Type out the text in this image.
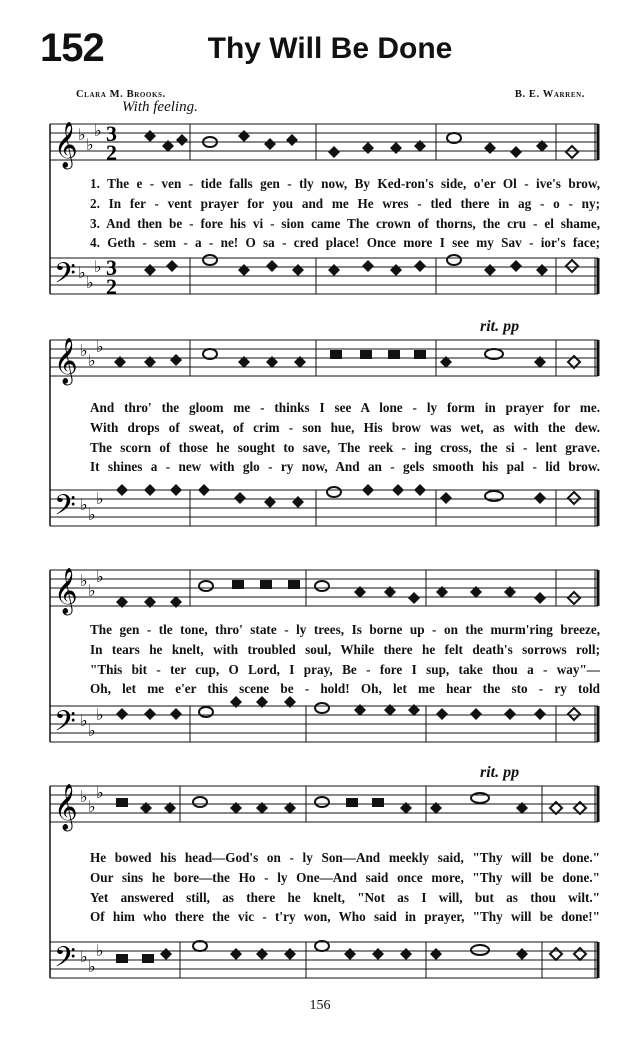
152	Thy Will Be Done
Clara M. Brooks.	B. E. Warren.
With feeling.
rit. pp
rit. pp
𝄞
𝄢
♭
♭
♭
♭
♭
♭
3
2
3
2
1. The e - ven - tide falls gen - tly now, By Ked-ron's side, o'er Ol - ive's brow,
2. In fer - vent prayer for you and me He wres - tled there in ag - o - ny;
3. And then be - fore his vi - sion came The crown of thorns, the cru - el shame,
4. Geth - sem - a - ne! O sa - cred place! Once more I see my Sav - ior's face;
𝄞
𝄢
♭
♭
♭
♭
♭
♭
And thro' the gloom me - thinks I see A lone - ly form in prayer for me.
With drops of sweat, of crim - son hue, His brow was wet, as with the dew.
The scorn of those he sought to save, The reek - ing cross, the si - lent grave.
It shines a - new with glo - ry now, And an - gels smooth his pal - lid brow.
𝄞
𝄢
♭
♭
♭
♭
♭
♭
The gen - tle tone, thro' state - ly trees, Is borne up - on the murm'ring breeze,
In tears he knelt, with troubled soul, While there he felt death's sorrows roll;
"This bit - ter cup, O Lord, I pray, Be - fore I sup, take thou a - way"—
Oh, let me e'er this scene be - hold! Oh, let me hear the sto - ry told
𝄞
𝄢
♭
♭
♭
♭
♭
♭
He bowed his head—God's on - ly Son—And meekly said, "Thy will be done."
Our sins he bore—the Ho - ly One—And said once more, "Thy will be done."
Yet answered still, as there he knelt, "Not as I will, but as thou wilt."
Of him who there the vic - t'ry won, Who said in prayer, "Thy will be done!"
156
